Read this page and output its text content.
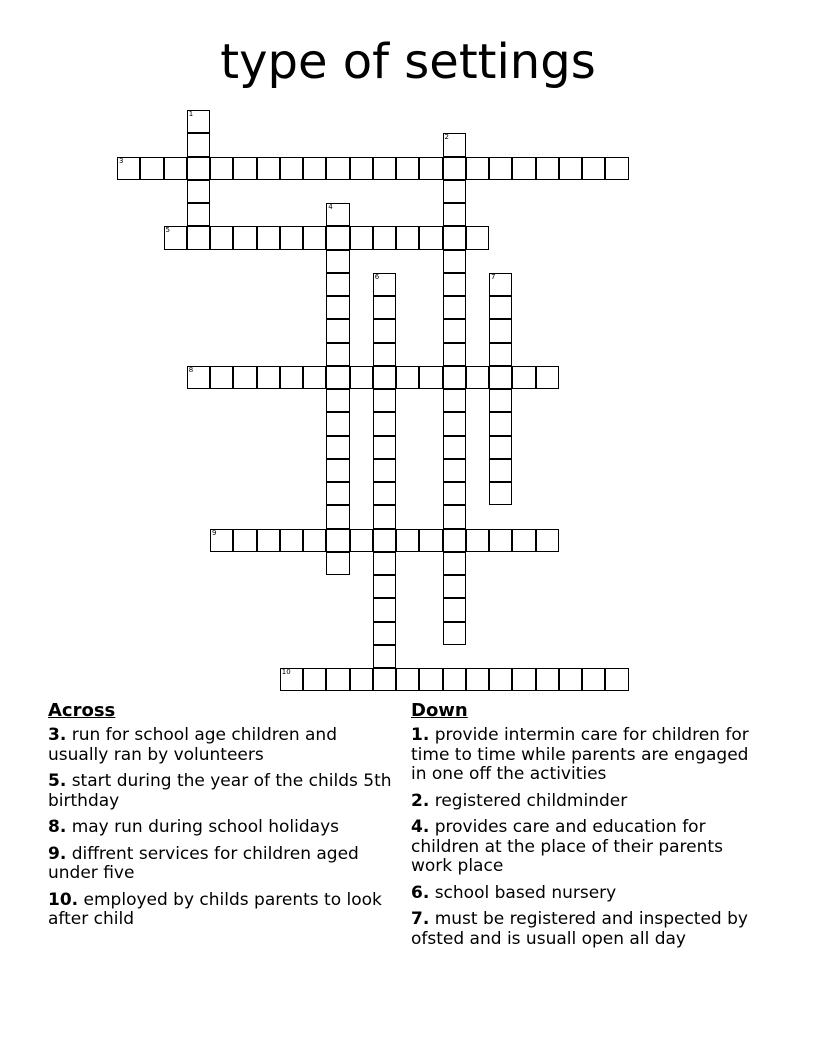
type of settings
1
2
3
4
5
6	7
8
9
10
Across
3. run for school age children and usually ran by volunteers
5. start during the year of the childs 5th birthday
8. may run during school holidays
9. diffrent services for children aged under five
10. employed by childs parents to look after child
Down
1. provide intermin care for children for time to time while parents are engaged in one off the activities
2. registered childminder
4. provides care and education for children at the place of their parents work place
6. school based nursery
7. must be registered and inspected by ofsted and is usuall open all day
